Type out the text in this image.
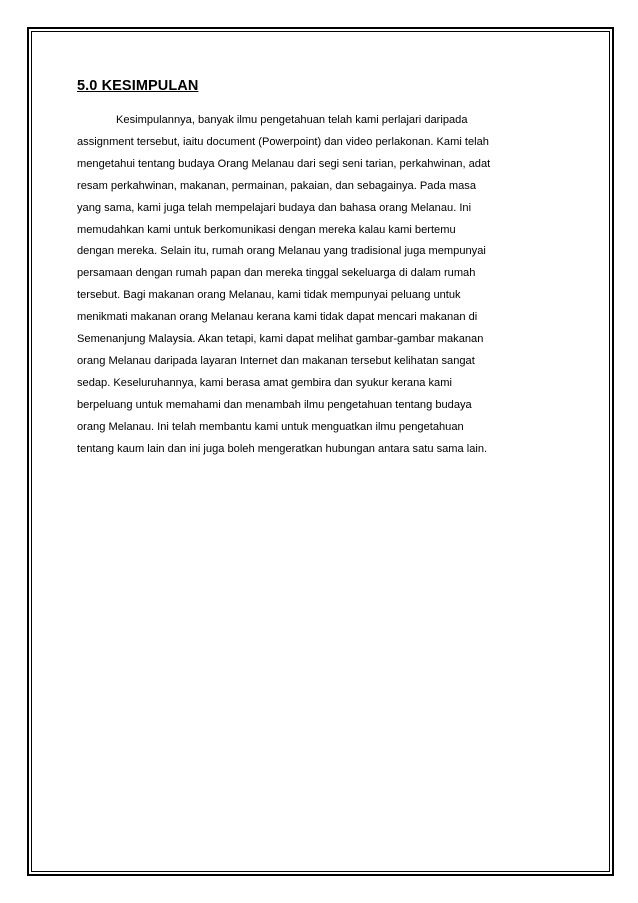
5.0 KESIMPULAN

Kesimpulannya, banyak ilmu pengetahuan telah kami perlajari daripada
assignment tersebut, iaitu document (Powerpoint) dan video perlakonan. Kami telah
mengetahui tentang budaya Orang Melanau dari segi seni tarian, perkahwinan, adat
resam perkahwinan, makanan, permainan, pakaian, dan sebagainya. Pada masa
yang sama, kami juga telah mempelajari budaya dan bahasa orang Melanau. Ini
memudahkan kami untuk berkomunikasi dengan mereka kalau kami bertemu
dengan mereka. Selain itu, rumah orang Melanau yang tradisional juga mempunyai
persamaan dengan rumah papan dan mereka tinggal sekeluarga di dalam rumah
tersebut. Bagi makanan orang Melanau, kami tidak mempunyai peluang untuk
menikmati makanan orang Melanau kerana kami tidak dapat mencari makanan di
Semenanjung Malaysia. Akan tetapi, kami dapat melihat gambar-gambar makanan
orang Melanau daripada layaran Internet dan makanan tersebut kelihatan sangat
sedap. Keseluruhannya, kami berasa amat gembira dan syukur kerana kami
berpeluang untuk memahami dan menambah ilmu pengetahuan tentang budaya
orang Melanau. Ini telah membantu kami untuk menguatkan ilmu pengetahuan
tentang kaum lain dan ini juga boleh mengeratkan hubungan antara satu sama lain.
